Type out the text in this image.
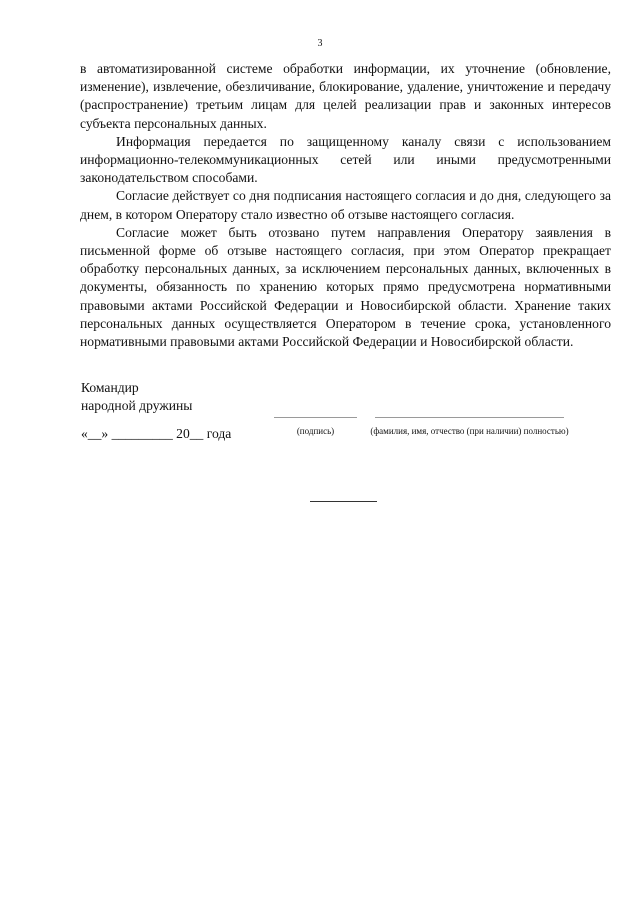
3

в автоматизированной системе обработки информации, их уточнение (обновление, изменение), извлечение, обезличивание, блокирование, удаление, уничтожение и передачу (распространение) третьим лицам для целей реализации прав и законных интересов субъекта персональных данных.

Информация передается по защищенному каналу связи с использованием информационно-телекоммуникационных сетей или иными предусмотренными законодательством способами.

Согласие действует со дня подписания настоящего согласия и до дня, следующего за днем, в котором Оператору стало известно об отзыве настоящего согласия.

Согласие может быть отозвано путем направления Оператору заявления в письменной форме об отзыве настоящего согласия, при этом Оператор прекращает обработку персональных данных, за исключением персональных данных, включенных в документы, обязанность по хранению которых прямо предусмотрена нормативными правовыми актами Российской Федерации и Новосибирской области. Хранение таких персональных данных осуществляется Оператором в течение срока, установленного нормативными правовыми актами Российской Федерации и Новосибирской области.

Командир
народной дружины
«__» _________ 20__ года	(подпись)	(фамилия, имя, отчество (при наличии) полностью)
